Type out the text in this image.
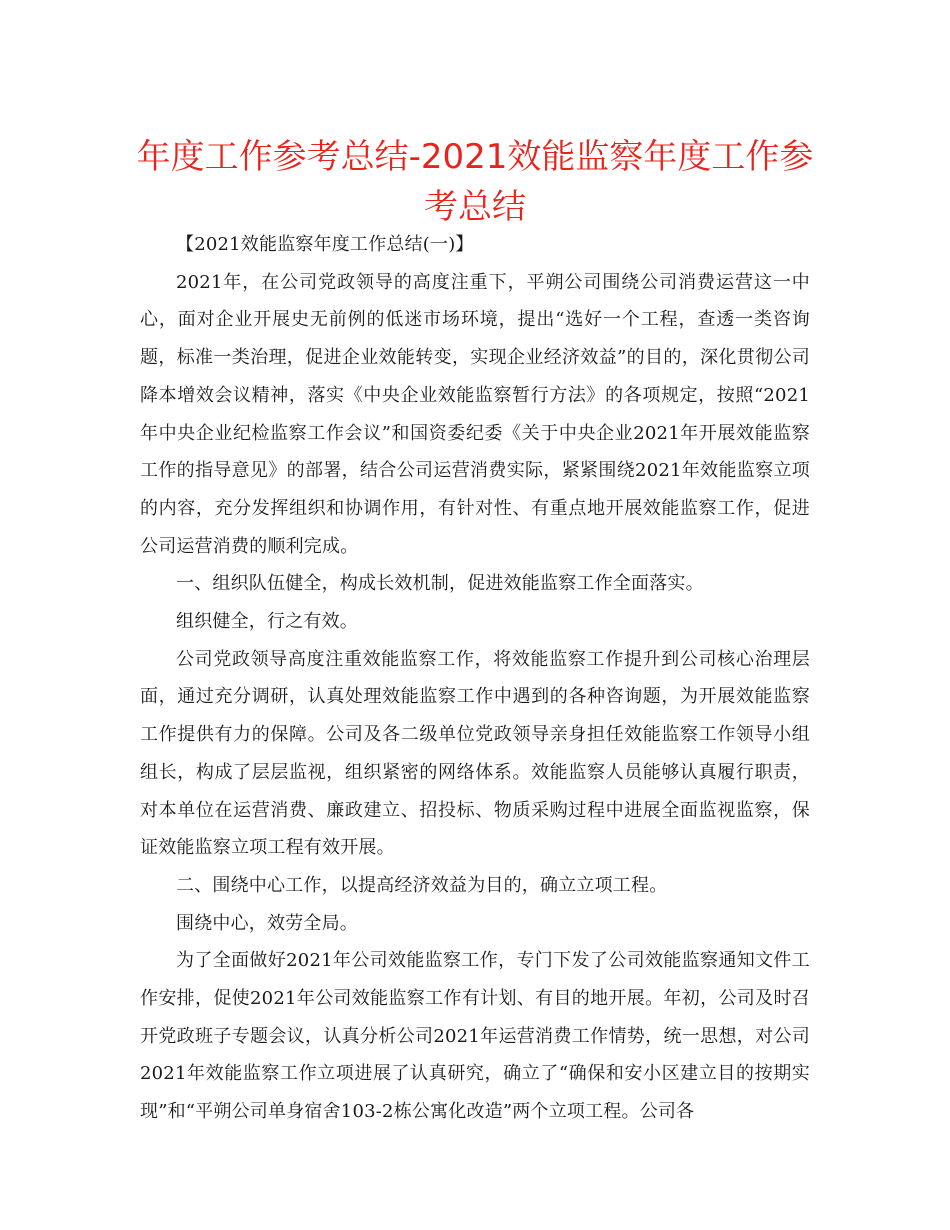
年度工作参考总结-2021效能监察年度工作参考总结

【2021效能监察年度工作总结(一)】

2021年，在公司党政领导的高度注重下，平朔公司围绕公司消费运营这一中心，面对企业开展史无前例的低迷市场环境，提出“选好一个工程，查透一类咨询题，标准一类治理，促进企业效能转变，实现企业经济效益”的目的，深化贯彻公司降本增效会议精神，落实《中央企业效能监察暂行方法》的各项规定，按照“2021年中央企业纪检监察工作会议”和国资委纪委《关于中央企业2021年开展效能监察工作的指导意见》的部署，结合公司运营消费实际，紧紧围绕2021年效能监察立项的内容，充分发挥组织和协调作用，有针对性、有重点地开展效能监察工作，促进公司运营消费的顺利完成。

一、组织队伍健全，构成长效机制，促进效能监察工作全面落实。

组织健全，行之有效。

公司党政领导高度注重效能监察工作，将效能监察工作提升到公司核心治理层面，通过充分调研，认真处理效能监察工作中遇到的各种咨询题，为开展效能监察工作提供有力的保障。公司及各二级单位党政领导亲身担任效能监察工作领导小组组长，构成了层层监视，组织紧密的网络体系。效能监察人员能够认真履行职责，对本单位在运营消费、廉政建立、招投标、物质采购过程中进展全面监视监察，保证效能监察立项工程有效开展。

二、围绕中心工作，以提高经济效益为目的，确立立项工程。

围绕中心，效劳全局。

为了全面做好2021年公司效能监察工作，专门下发了公司效能监察通知文件工作安排，促使2021年公司效能监察工作有计划、有目的地开展。年初，公司及时召开党政班子专题会议，认真分析公司2021年运营消费工作情势，统一思想，对公司2021年效能监察工作立项进展了认真研究，确立了“确保和安小区建立目的按期实现”和“平朔公司单身宿舍103-2栋公寓化改造”两个立项工程。公司各
